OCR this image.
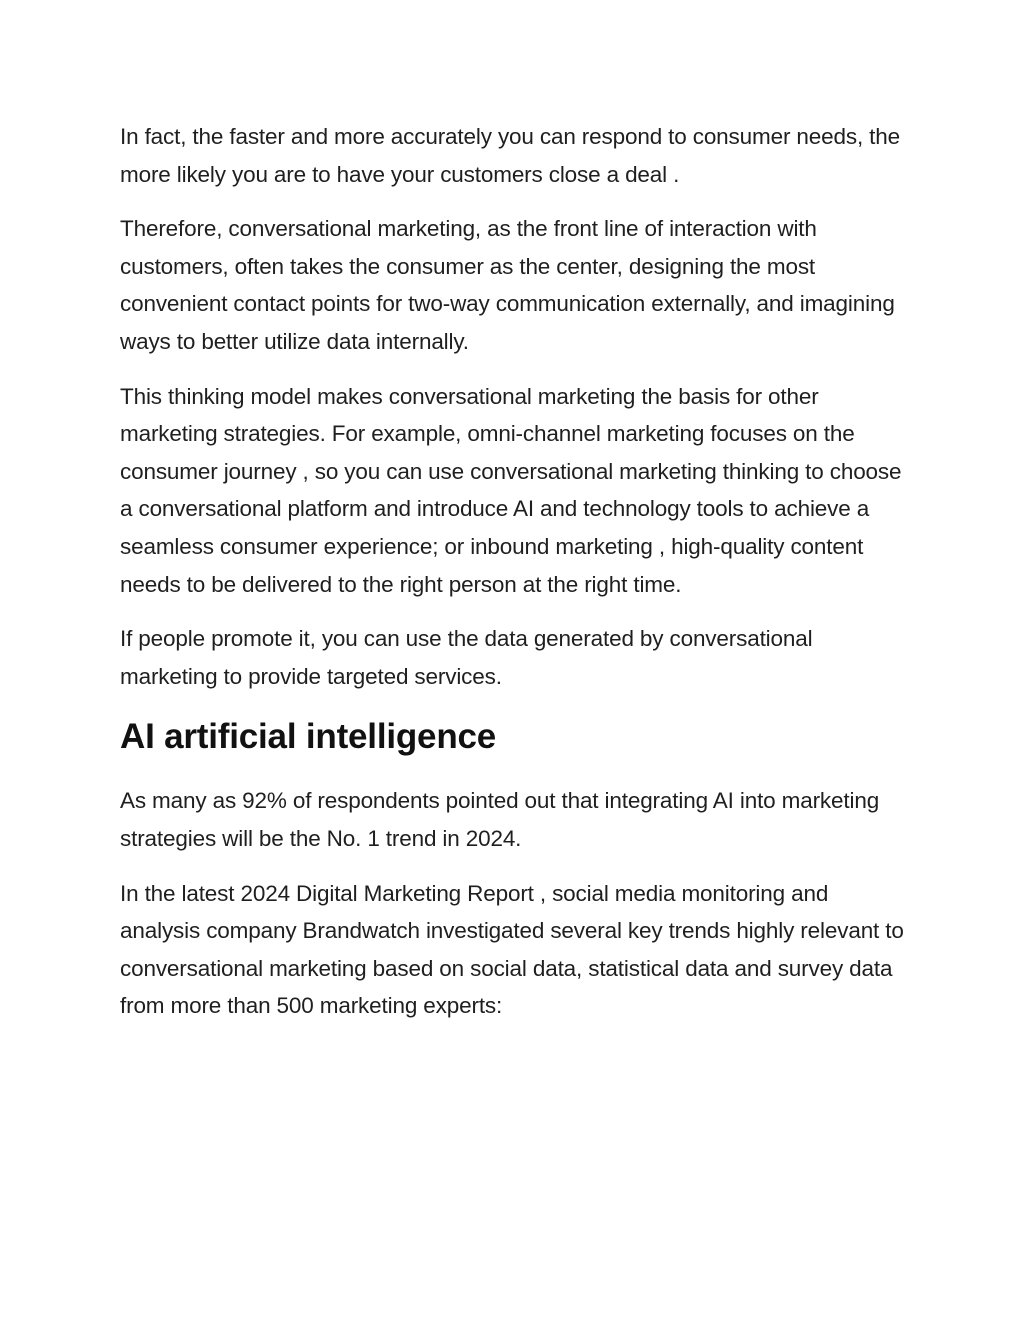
In fact, the faster and more accurately you can respond to consumer needs, the more likely you are to have your customers close a deal .

Therefore, conversational marketing, as the front line of interaction with customers, often takes the consumer as the center, designing the most convenient contact points for two-way communication externally, and imagining ways to better utilize data internally.

This thinking model makes conversational marketing the basis for other marketing strategies. For example, omni-channel marketing focuses on the consumer journey , so you can use conversational marketing thinking to choose a conversational platform and introduce AI and technology tools to achieve a seamless consumer experience; or inbound marketing , high-quality content needs to be delivered to the right person at the right time.

If people promote it, you can use the data generated by conversational marketing to provide targeted services.

AI artificial intelligence

As many as 92% of respondents pointed out that integrating AI into marketing strategies will be the No. 1 trend in 2024.

In the latest 2024 Digital Marketing Report , social media monitoring and analysis company Brandwatch investigated several key trends highly relevant to conversational marketing based on social data, statistical data and survey data from more than 500 marketing experts:
